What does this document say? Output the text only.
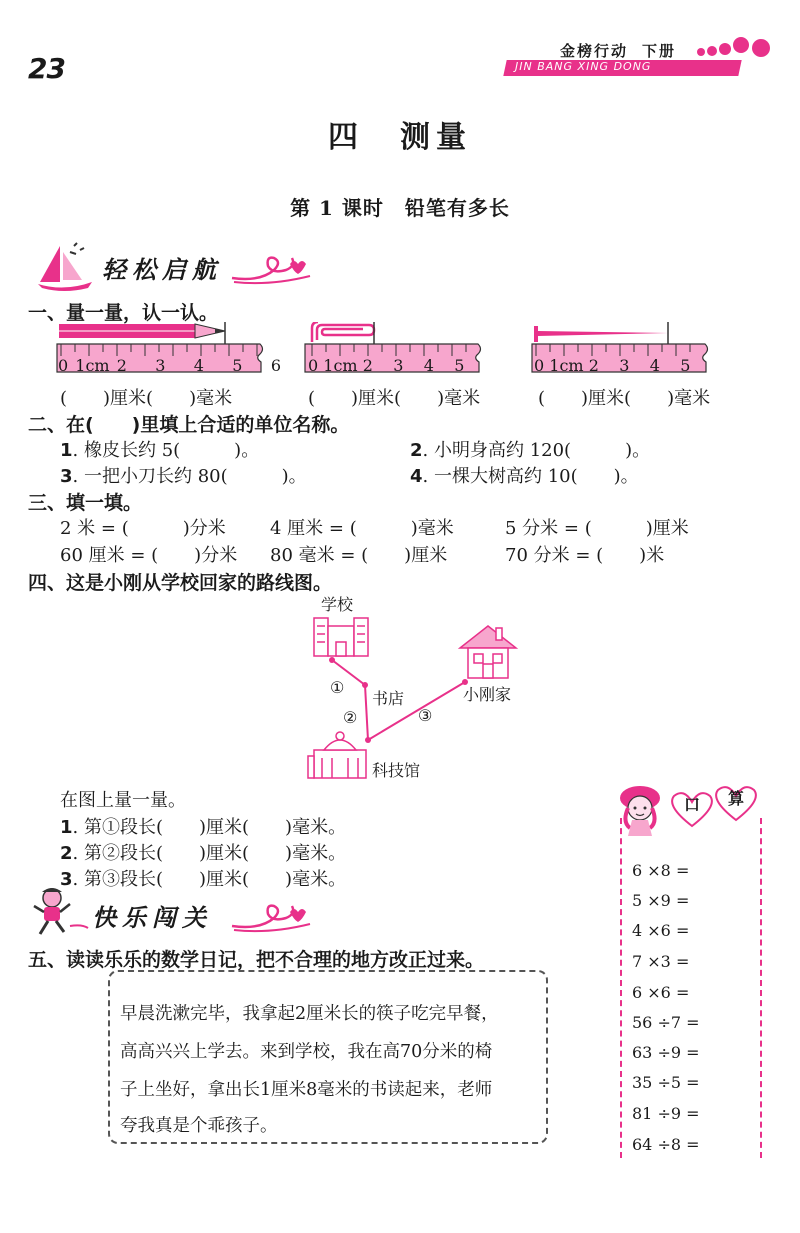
23
金榜行动 下册
JIN BANG XING DONG
四　测量
第 1 课时　铅笔有多长
轻松启航
一、量一量，认一认。
0 1cm 2 3 4 5 6
(　　)厘米(　　)毫米
0 1cm 2 3 4 5
(　　)厘米(　　)毫米
0 1cm 2 3 4 5
(　　)厘米(　　)毫米
二、在(　　)里填上合适的单位名称。
1. 橡皮长约 5(　　　)。	2. 小明身高约 120(　　　)。
3. 一把小刀长约 80(　　　)。	4. 一棵大树高约 10(　　)。
三、填一填。
2 米 = (　　　)分米 4 厘米 = (　　　)毫米	5 分米 = (　　　)厘米
60 厘米 = (　　)分米 80 毫米 = (　　)厘米	70 分米 = (　　)米
四、这是小刚从学校回家的路线图。
学校
书店	小刚家
科技馆
①
②	③
在图上量一量。
1. 第①段长(　　)厘米(　　)毫米。
2. 第②段长(　　)厘米(　　)毫米。
3. 第③段长(　　)厘米(　　)毫米。
快乐闯关
五、读读乐乐的数学日记，把不合理的地方改正过来。

早晨洗漱完毕，我拿起2厘米长的筷子吃完早餐，

高高兴兴上学去。来到学校，我在高70分米的椅

子上坐好，拿出长1厘米8毫米的书读起来，老师

夸我真是个乖孩子。

口 算
6 ×8 =
5 ×9 =
4 ×6 =
7 ×3 =
6 ×6 =
56 ÷7 =
63 ÷9 =
35 ÷5 =
81 ÷9 =
64 ÷8 =
